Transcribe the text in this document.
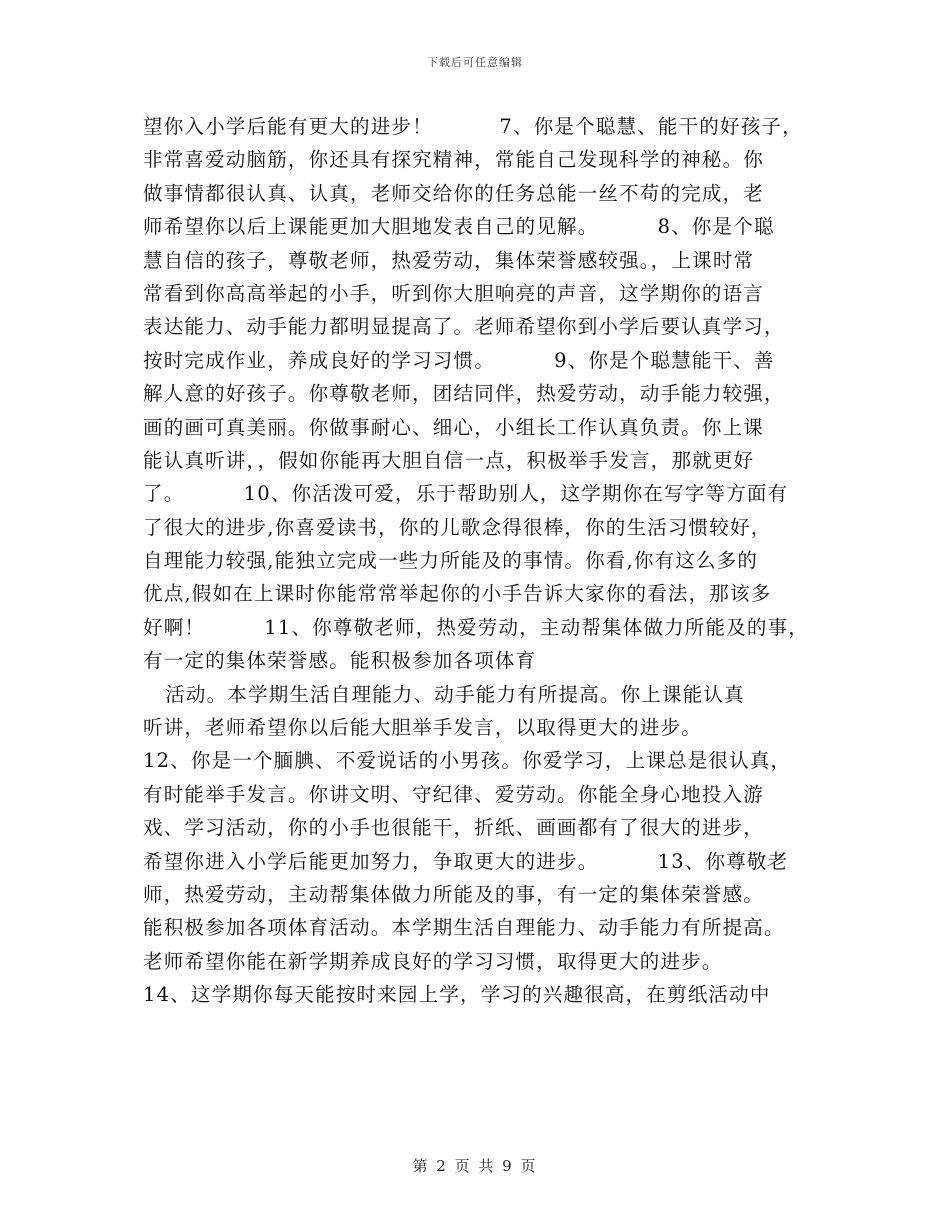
下载后可任意编辑
望你入小学后能有更大的进步！         7、你是个聪慧、能干的好孩子，
非常喜爱动脑筋，你还具有探究精神，常能自己发现科学的神秘。你
做事情都很认真、认真，老师交给你的任务总能一丝不苟的完成，老
师希望你以后上课能更加大胆地发表自己的见解。        8、你是个聪
慧自信的孩子，尊敬老师，热爱劳动，集体荣誉感较强。，上课时常
常看到你高高举起的小手，听到你大胆响亮的声音，这学期你的语言
表达能力、动手能力都明显提高了。老师希望你到小学后要认真学习，
按时完成作业，养成良好的学习习惯。        9、你是个聪慧能干、善
解人意的好孩子。你尊敬老师，团结同伴，热爱劳动，动手能力较强，
画的画可真美丽。你做事耐心、细心，小组长工作认真负责。你上课
能认真听讲，，假如你能再大胆自信一点，积极举手发言，那就更好
了。        10、你活泼可爱，乐于帮助别人，这学期你在写字等方面有
了很大的进步,你喜爱读书，你的儿歌念得很棒，你的生活习惯较好，
自理能力较强,能独立完成一些力所能及的事情。你看,你有这么多的
优点,假如在上课时你能常常举起你的小手告诉大家你的看法，那该多
好啊！        11、你尊敬老师，热爱劳动，主动帮集体做力所能及的事，
有一定的集体荣誉感。能积极参加各项体育
活动。本学期生活自理能力、动手能力有所提高。你上课能认真
听讲，老师希望你以后能大胆举手发言，以取得更大的进步。
12、你是一个腼腆、不爱说话的小男孩。你爱学习，上课总是很认真，
有时能举手发言。你讲文明、守纪律、爱劳动。你能全身心地投入游
戏、学习活动，你的小手也很能干，折纸、画画都有了很大的进步，
希望你进入小学后能更加努力，争取更大的进步。        13、你尊敬老
师，热爱劳动，主动帮集体做力所能及的事，有一定的集体荣誉感。
能积极参加各项体育活动。本学期生活自理能力、动手能力有所提高。
老师希望你能在新学期养成良好的学习习惯，取得更大的进步。
14、这学期你每天能按时来园上学，学习的兴趣很高，在剪纸活动中
第 2 页 共 9 页
